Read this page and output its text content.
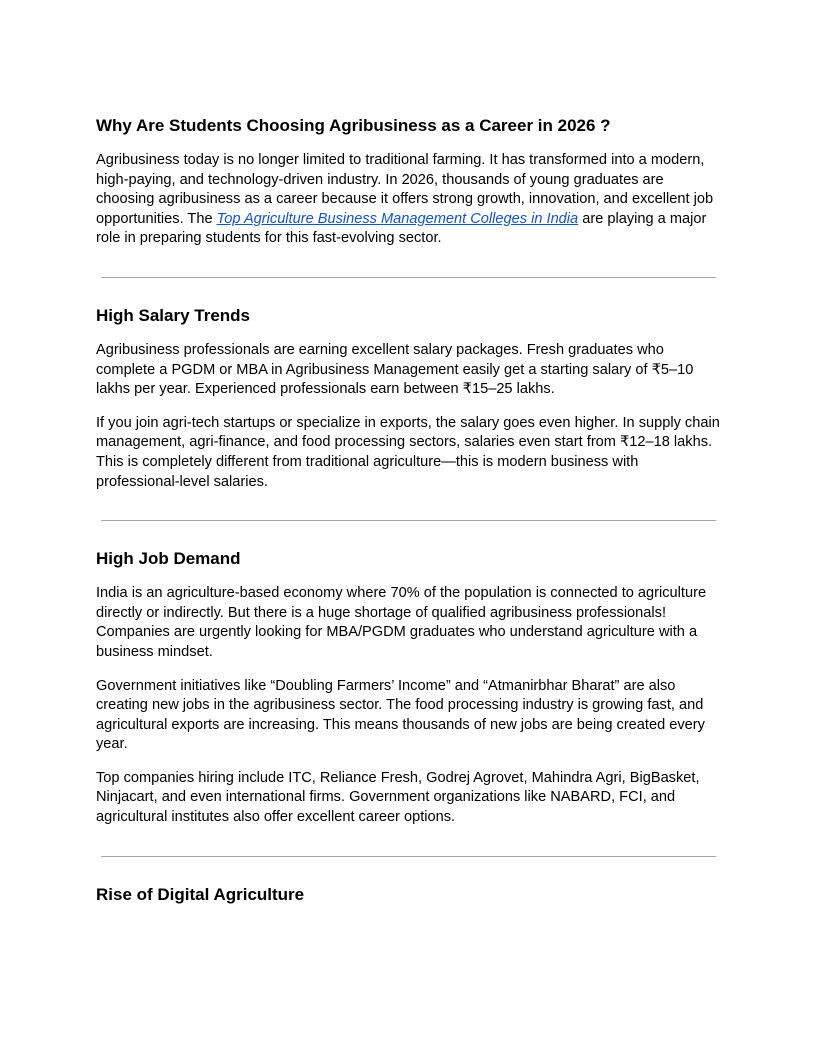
Why Are Students Choosing Agribusiness as a Career in 2026 ?

Agribusiness today is no longer limited to traditional farming. It has transformed into a modern, high-paying, and technology-driven industry. In 2026, thousands of young graduates are choosing agribusiness as a career because it offers strong growth, innovation, and excellent job opportunities. The Top Agriculture Business Management Colleges in India are playing a major role in preparing students for this fast-evolving sector.

High Salary Trends

Agribusiness professionals are earning excellent salary packages. Fresh graduates who complete a PGDM or MBA in Agribusiness Management easily get a starting salary of ₹5–10 lakhs per year. Experienced professionals earn between ₹15–25 lakhs.

If you join agri-tech startups or specialize in exports, the salary goes even higher. In supply chain management, agri-finance, and food processing sectors, salaries even start from ₹12–18 lakhs. This is completely different from traditional agriculture—this is modern business with professional-level salaries.

High Job Demand

India is an agriculture-based economy where 70% of the population is connected to agriculture directly or indirectly. But there is a huge shortage of qualified agribusiness professionals! Companies are urgently looking for MBA/PGDM graduates who understand agriculture with a business mindset.

Government initiatives like “Doubling Farmers’ Income” and “Atmanirbhar Bharat” are also creating new jobs in the agribusiness sector. The food processing industry is growing fast, and agricultural exports are increasing. This means thousands of new jobs are being created every year.

Top companies hiring include ITC, Reliance Fresh, Godrej Agrovet, Mahindra Agri, BigBasket, Ninjacart, and even international firms. Government organizations like NABARD, FCI, and agricultural institutes also offer excellent career options.

Rise of Digital Agriculture
